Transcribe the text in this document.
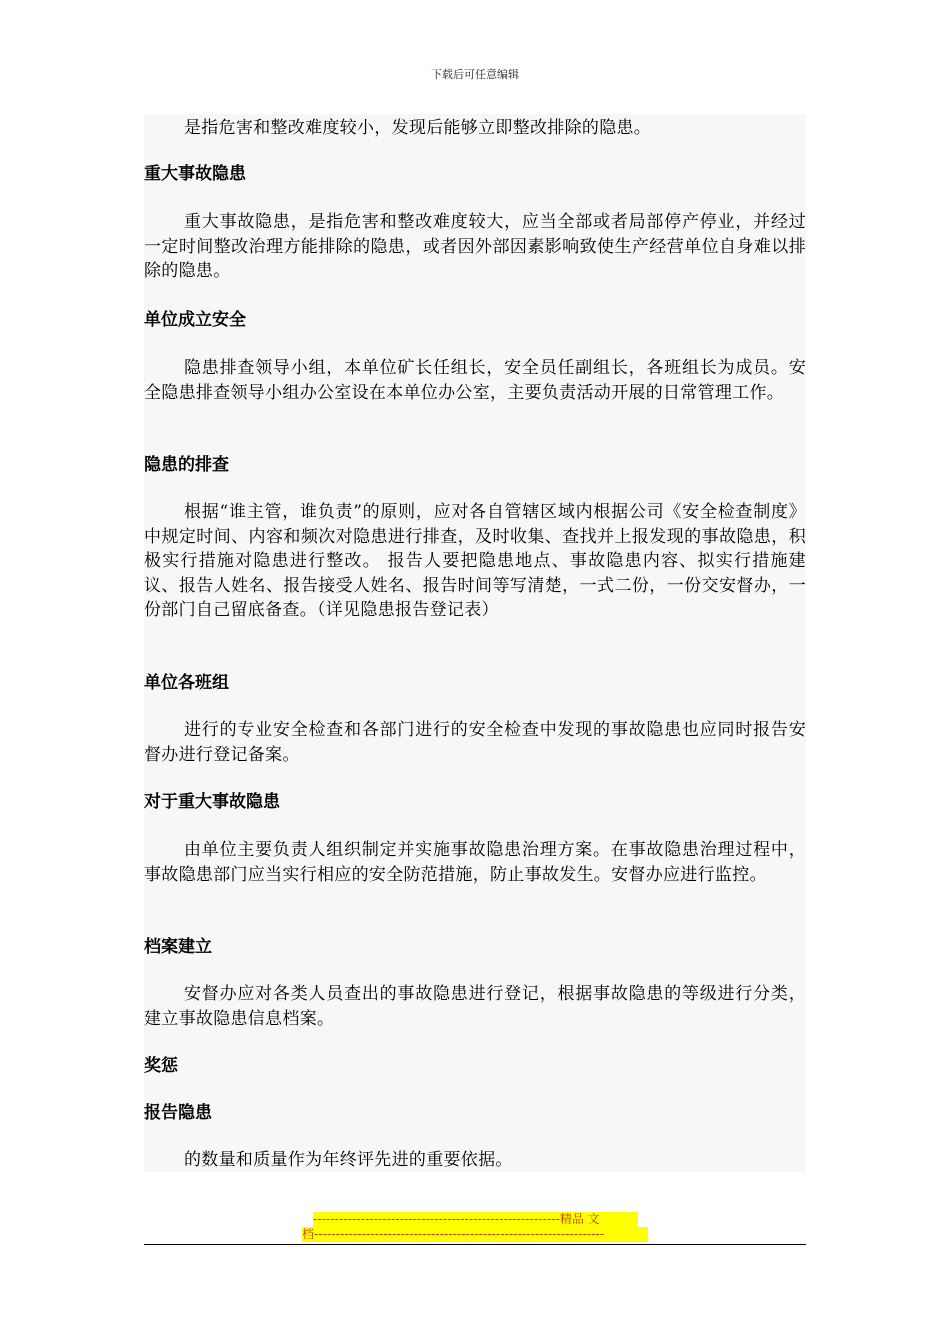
下载后可任意编辑

是指危害和整改难度较小，发现后能够立即整改排除的隐患。

重大事故隐患

重大事故隐患，是指危害和整改难度较大，应当全部或者局部停产停业，并经过一定时间整改治理方能排除的隐患，或者因外部因素影响致使生产经营单位自身难以排除的隐患。

单位成立安全

隐患排查领导小组，本单位矿长任组长，安全员任副组长，各班组长为成员。安全隐患排查领导小组办公室设在本单位办公室，主要负责活动开展的日常管理工作。

隐患的排查

根据“谁主管，谁负责”的原则，应对各自管辖区域内根据公司《安全检查制度》中规定时间、内容和频次对隐患进行排查，及时收集、查找并上报发现的事故隐患，积极实行措施对隐患进行整改。 报告人要把隐患地点、事故隐患内容、拟实行措施建议、报告人姓名、报告接受人姓名、报告时间等写清楚，一式二份，一份交安督办，一份部门自己留底备查。（详见隐患报告登记表）

单位各班组

进行的专业安全检查和各部门进行的安全检查中发现的事故隐患也应同时报告安督办进行登记备案。

对于重大事故隐患

由单位主要负责人组织制定并实施事故隐患治理方案。在事故隐患治理过程中，事故隐患部门应当实行相应的安全防范措施，防止事故发生。安督办应进行监控。

档案建立

安督办应对各类人员查出的事故隐患进行登记，根据事故隐患的等级进行分类，建立事故隐患信息档案。

奖惩
报告隐患

的数量和质量作为年终评先进的重要依据。

---------------------------------------------------------精品 文
档-------------------------------------------------------------------
